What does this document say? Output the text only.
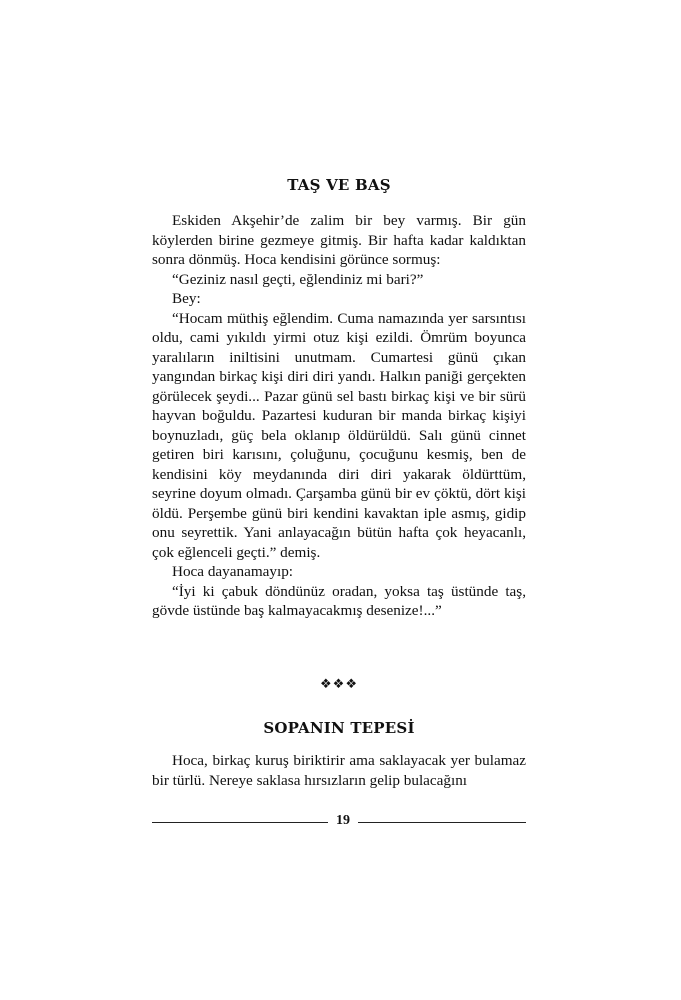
TAŞ VE BAŞ

Eskiden Akşehir’de zalim bir bey varmış. Bir gün köylerden birine gezmeye gitmiş. Bir hafta kadar kaldıktan sonra dönmüş. Hoca kendisini görünce sormuş:

“Geziniz nasıl geçti, eğlendiniz mi bari?”

Bey:

“Hocam müthiş eğlendim. Cuma namazında yer sarsıntısı oldu, cami yıkıldı yirmi otuz kişi ezildi. Ömrüm boyunca yaralıların iniltisini unutmam. Cumartesi günü çıkan yangından birkaç kişi diri diri yandı. Halkın paniği gerçekten görülecek şeydi... Pazar günü sel bastı birkaç kişi ve bir sürü hayvan boğuldu. Pazartesi kuduran bir manda birkaç kişiyi boynuzladı, güç bela oklanıp öldürüldü. Salı günü cinnet getiren biri karısını, çoluğunu, çocuğunu kesmiş, ben de kendisini köy meydanında diri diri yakarak öldürttüm, seyrine doyum olmadı. Çarşamba günü bir ev çöktü, dört kişi öldü. Perşembe günü biri kendini kavaktan iple asmış, gidip onu seyrettik. Yani anlayacağın bütün hafta çok heyacanlı, çok eğlenceli geçti.” demiş.

Hoca dayanamayıp:

“İyi ki çabuk döndünüz oradan, yoksa taş üstünde taş, gövde üstünde baş kalmayacakmış desenize!...”

❖❖❖
SOPANIN TEPESİ

Hoca, birkaç kuruş biriktirir ama saklayacak yer bulamaz bir türlü. Nereye saklasa hırsızların gelip bulacağını

19
